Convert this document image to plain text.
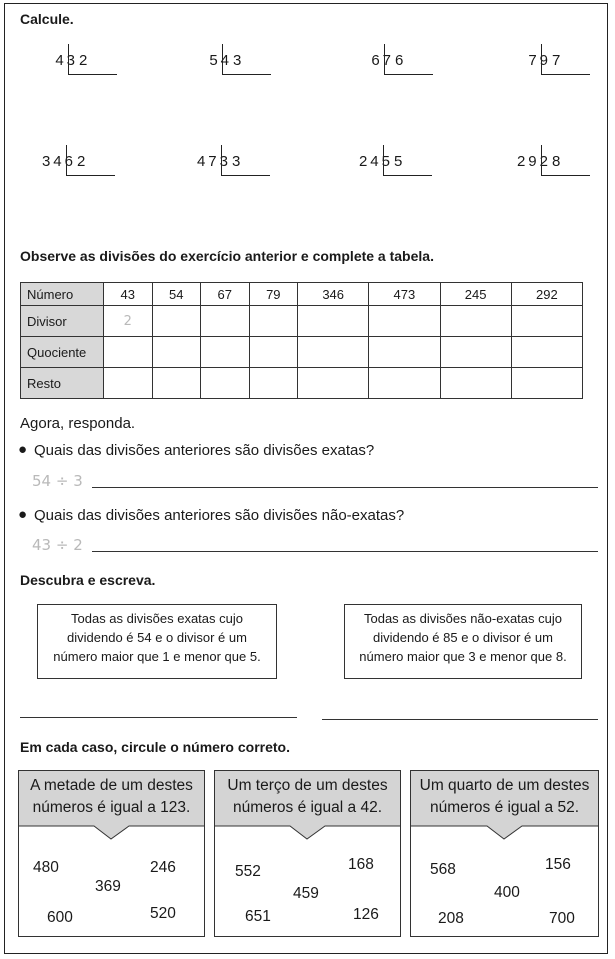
Calcule.
43 2	54 3	67 6	79 7
346 2	473 3	245 5	292 8
Observe as divisões do exercício anterior e complete a tabela.
Número	43	54	67	79	346	473	245	292
Divisor	2							
Quociente								
Resto								
Agora, responda.
● Quais das divisões anteriores são divisões exatas?
54 ÷ 3
● Quais das divisões anteriores são divisões não-exatas?
43 ÷ 2
Descubra e escreva.
Todas as divisões exatas cujo
dividendo é 54 e o divisor é um
número maior que 1 e menor que 5.
Todas as divisões não-exatas cujo
dividendo é 85 e o divisor é um
número maior que 3 e menor que 8.
Em cada caso, circule o número correto.
A metade de um destes
números é igual a 123.
480	246
369
600	520
Um terço de um destes
números é igual a 42.
552	168
459
651	126
Um quarto de um destes
números é igual a 52.
568	156
400
208	700
